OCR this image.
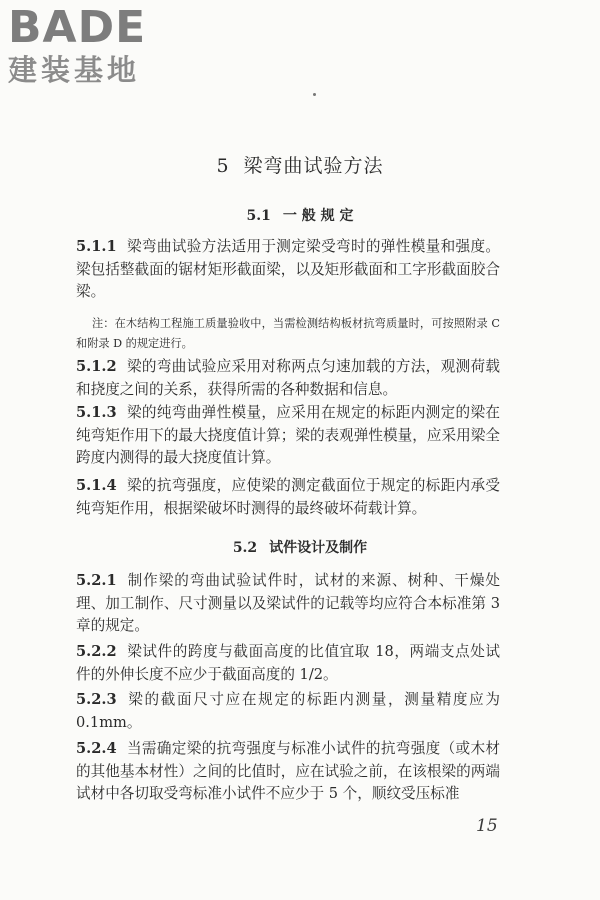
BADE
建装基地
5 梁弯曲试验方法
5.1 一 般 规 定
5.1.1 梁弯曲试验方法适用于测定梁受弯时的弹性模量和强度。梁包括整截面的锯材矩形截面梁，以及矩形截面和工字形截面胶合梁。
注：在木结构工程施工质量验收中，当需检测结构板材抗弯质量时，可按照附录 C 和附录 D 的规定进行。
5.1.2 梁的弯曲试验应采用对称两点匀速加载的方法，观测荷载和挠度之间的关系，获得所需的各种数据和信息。
5.1.3 梁的纯弯曲弹性模量，应采用在规定的标距内测定的梁在纯弯矩作用下的最大挠度值计算；梁的表观弹性模量，应采用梁全跨度内测得的最大挠度值计算。
5.1.4 梁的抗弯强度，应使梁的测定截面位于规定的标距内承受纯弯矩作用，根据梁破坏时测得的最终破坏荷载计算。
5.2 试件设计及制作
5.2.1 制作梁的弯曲试验试件时，试材的来源、树种、干燥处理、加工制作、尺寸测量以及梁试件的记载等均应符合本标准第 3 章的规定。
5.2.2 梁试件的跨度与截面高度的比值宜取 18，两端支点处试件的外伸长度不应少于截面高度的 1/2。
5.2.3 梁的截面尺寸应在规定的标距内测量，测量精度应为 0.1mm。
5.2.4 当需确定梁的抗弯强度与标准小试件的抗弯强度（或木材的其他基本材性）之间的比值时，应在试验之前，在该根梁的两端试材中各切取受弯标准小试件不应少于 5 个，顺纹受压标准
15
